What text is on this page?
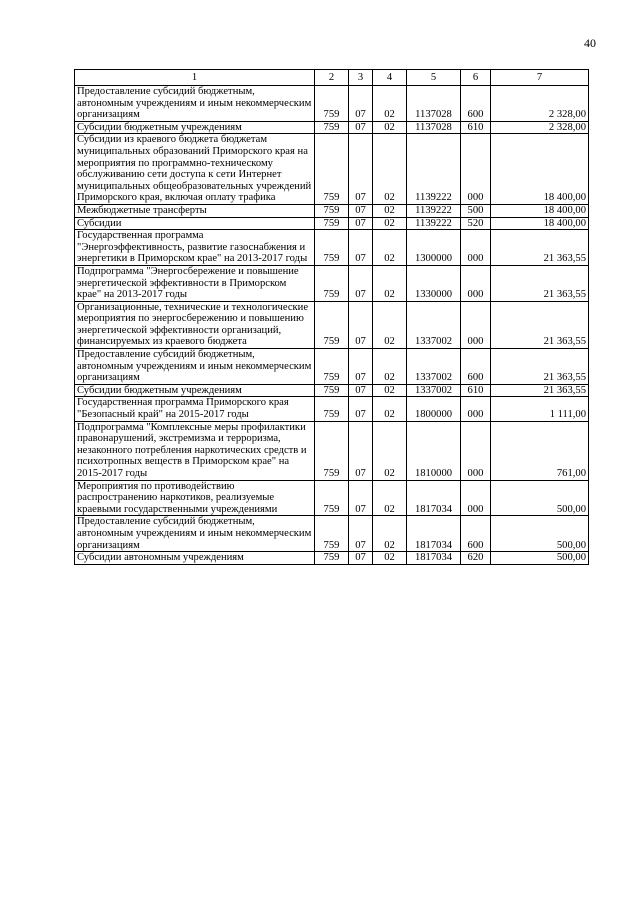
40
1	2	3	4	5	6	7
Предоставление субсидий бюджетным, автономным учреждениям и иным некоммерческим организациям	759	07	02	1137028	600	2 328,00
Субсидии бюджетным учреждениям	759	07	02	1137028	610	2 328,00
Субсидии из краевого бюджета бюджетам муниципальных образований Приморского края на мероприятия по программно-техническому обслуживанию сети доступа к сети Интернет муниципальных общеобразовательных учреждений Приморского края, включая оплату трафика	759	07	02	1139222	000	18 400,00
Межбюджетные трансферты	759	07	02	1139222	500	18 400,00
Субсидии	759	07	02	1139222	520	18 400,00
Государственная программа "Энергоэффективность, развитие газоснабжения и энергетики в Приморском крае" на 2013-2017 годы	759	07	02	1300000	000	21 363,55
Подпрограмма "Энергосбережение и повышение энергетической эффективности в Приморском крае" на 2013-2017 годы	759	07	02	1330000	000	21 363,55
Организационные, технические и технологические мероприятия по энергосбережению и повышению энергетической эффективности организаций, финансируемых из краевого бюджета	759	07	02	1337002	000	21 363,55
Предоставление субсидий бюджетным, автономным учреждениям и иным некоммерческим организациям	759	07	02	1337002	600	21 363,55
Субсидии бюджетным учреждениям	759	07	02	1337002	610	21 363,55
Государственная программа Приморского края "Безопасный край" на 2015-2017 годы	759	07	02	1800000	000	1 111,00
Подпрограмма "Комплексные меры профилактики правонарушений, экстремизма и терроризма, незаконного потребления наркотических средств и психотропных веществ в Приморском крае" на 2015-2017 годы	759	07	02	1810000	000	761,00
Мероприятия по противодействию распространению наркотиков, реализуемые краевыми государственными учреждениями	759	07	02	1817034	000	500,00
Предоставление субсидий бюджетным, автономным учреждениям и иным некоммерческим организациям	759	07	02	1817034	600	500,00
Субсидии автономным учреждениям	759	07	02	1817034	620	500,00
